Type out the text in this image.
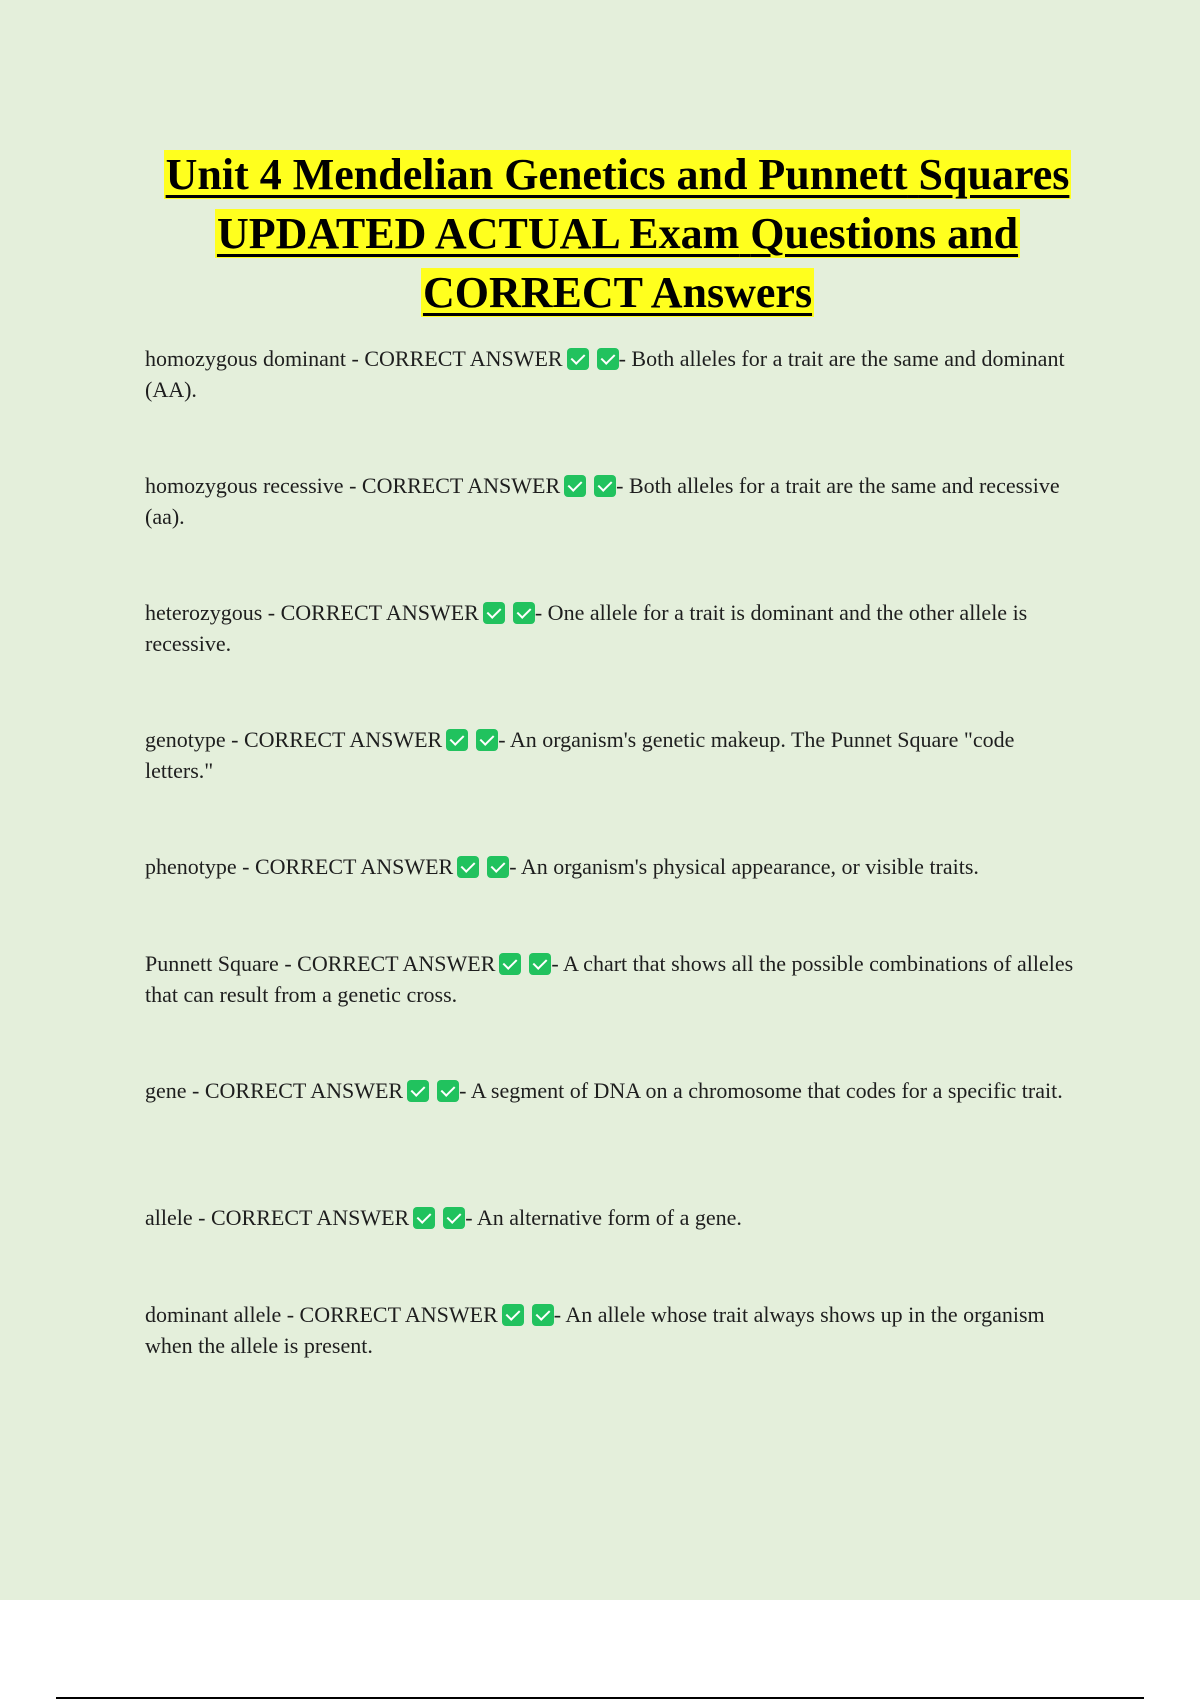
Unit 4 Mendelian Genetics and Punnett Squares UPDATED ACTUAL Exam Questions and CORRECT Answers
homozygous dominant - CORRECT ANSWER	- Both alleles for a trait are the same and dominant (AA).
homozygous recessive - CORRECT ANSWER	- Both alleles for a trait are the same and recessive (aa).
heterozygous - CORRECT ANSWER	- One allele for a trait is dominant and the other allele is recessive.
genotype - CORRECT ANSWER	- An organism's genetic makeup. The Punnet Square "code letters."
phenotype - CORRECT ANSWER	- An organism's physical appearance, or visible traits.
Punnett Square - CORRECT ANSWER	- A chart that shows all the possible combinations of alleles that can result from a genetic cross.
gene - CORRECT ANSWER	- A segment of DNA on a chromosome that codes for a specific trait.
allele - CORRECT ANSWER	- An alternative form of a gene.
dominant allele - CORRECT ANSWER	- An allele whose trait always shows up in the organism when the allele is present.
